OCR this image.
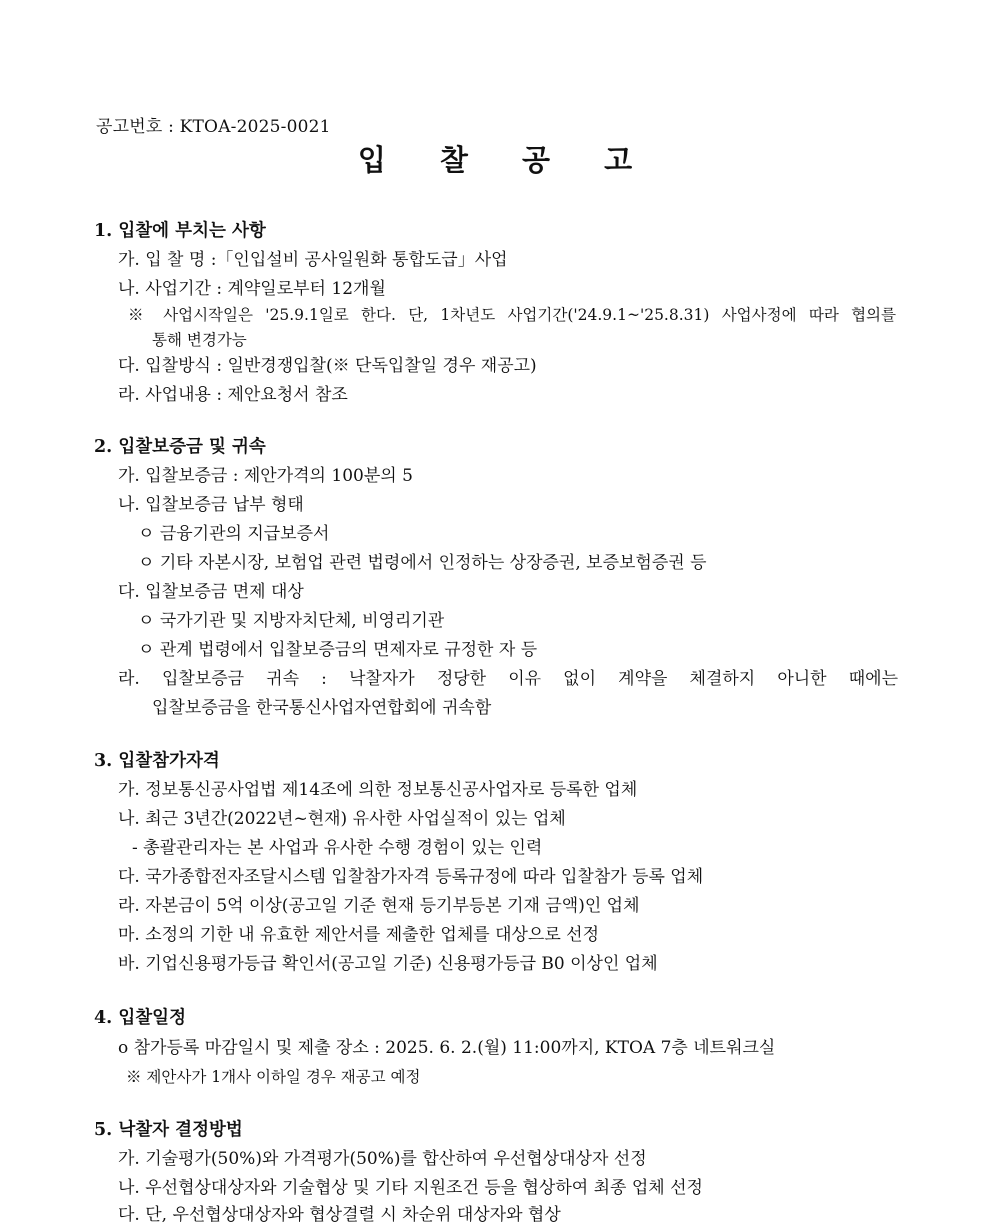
공고번호 : KTOA-2025-0021
입 찰 공 고
1. 입찰에 부치는 사항
가. 입 찰 명 :「인입설비 공사일원화 통합도급」사업
나. 사업기간 : 계약일로부터 12개월
※ 사업시작일은 '25.9.1일로 한다. 단, 1차년도 사업기간('24.9.1~'25.8.31) 사업사정에 따라 협의를
통해 변경가능
다. 입찰방식 : 일반경쟁입찰(※ 단독입찰일 경우 재공고)
라. 사업내용 : 제안요청서 참조
2. 입찰보증금 및 귀속
가. 입찰보증금 : 제안가격의 100분의 5
나. 입찰보증금 납부 형태
ㅇ 금융기관의 지급보증서
ㅇ 기타 자본시장, 보험업 관련 법령에서 인정하는 상장증권, 보증보험증권 등
다. 입찰보증금 면제 대상
ㅇ 국가기관 및 지방자치단체, 비영리기관
ㅇ 관계 법령에서 입찰보증금의 면제자로 규정한 자 등
라. 입찰보증금 귀속 : 낙찰자가 정당한 이유 없이 계약을 체결하지 아니한 때에는
입찰보증금을 한국통신사업자연합회에 귀속함
3. 입찰참가자격
가. 정보통신공사업법 제14조에 의한 정보통신공사업자로 등록한 업체
나. 최근 3년간(2022년~현재) 유사한 사업실적이 있는 업체
- 총괄관리자는 본 사업과 유사한 수행 경험이 있는 인력
다. 국가종합전자조달시스템 입찰참가자격 등록규정에 따라 입찰참가 등록 업체
라. 자본금이 5억 이상(공고일 기준 현재 등기부등본 기재 금액)인 업체
마. 소정의 기한 내 유효한 제안서를 제출한 업체를 대상으로 선정
바. 기업신용평가등급 확인서(공고일 기준) 신용평가등급 B0 이상인 업체
4. 입찰일정
o 참가등록 마감일시 및 제출 장소 : 2025. 6. 2.(월) 11:00까지, KTOA 7층 네트워크실
※ 제안사가 1개사 이하일 경우 재공고 예정
5. 낙찰자 결정방법
가. 기술평가(50%)와 가격평가(50%)를 합산하여 우선협상대상자 선정
나. 우선협상대상자와 기술협상 및 기타 지원조건 등을 협상하여 최종 업체 선정
다. 단, 우선협상대상자와 협상결렬 시 차순위 대상자와 협상
